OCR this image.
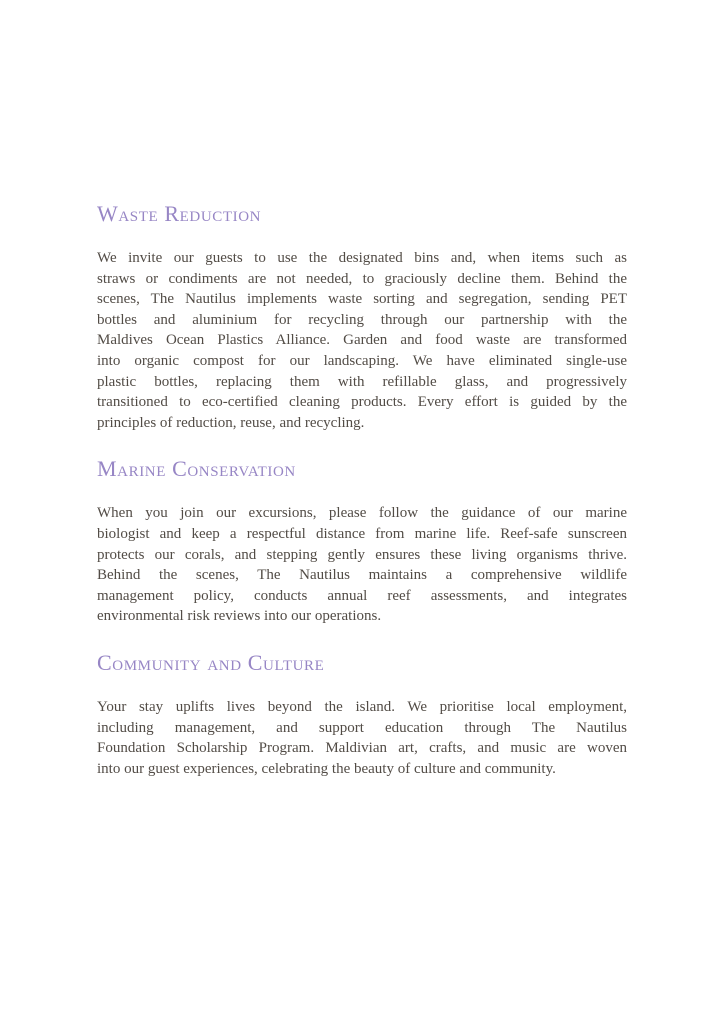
Waste Reduction
We invite our guests to use the designated bins and, when items such as
straws or condiments are not needed, to graciously decline them. Behind the
scenes, The Nautilus implements waste sorting and segregation, sending PET
bottles and aluminium for recycling through our partnership with the
Maldives Ocean Plastics Alliance. Garden and food waste are transformed
into organic compost for our landscaping. We have eliminated single-use
plastic bottles, replacing them with refillable glass, and progressively
transitioned to eco-certified cleaning products. Every effort is guided by the
principles of reduction, reuse, and recycling.
Marine Conservation
When you join our excursions, please follow the guidance of our marine
biologist and keep a respectful distance from marine life. Reef-safe sunscreen
protects our corals, and stepping gently ensures these living organisms thrive.
Behind the scenes, The Nautilus maintains a comprehensive wildlife
management policy, conducts annual reef assessments, and integrates
environmental risk reviews into our operations.
Community and Culture
Your stay uplifts lives beyond the island. We prioritise local employment,
including management, and support education through The Nautilus
Foundation Scholarship Program. Maldivian art, crafts, and music are woven
into our guest experiences, celebrating the beauty of culture and community.
